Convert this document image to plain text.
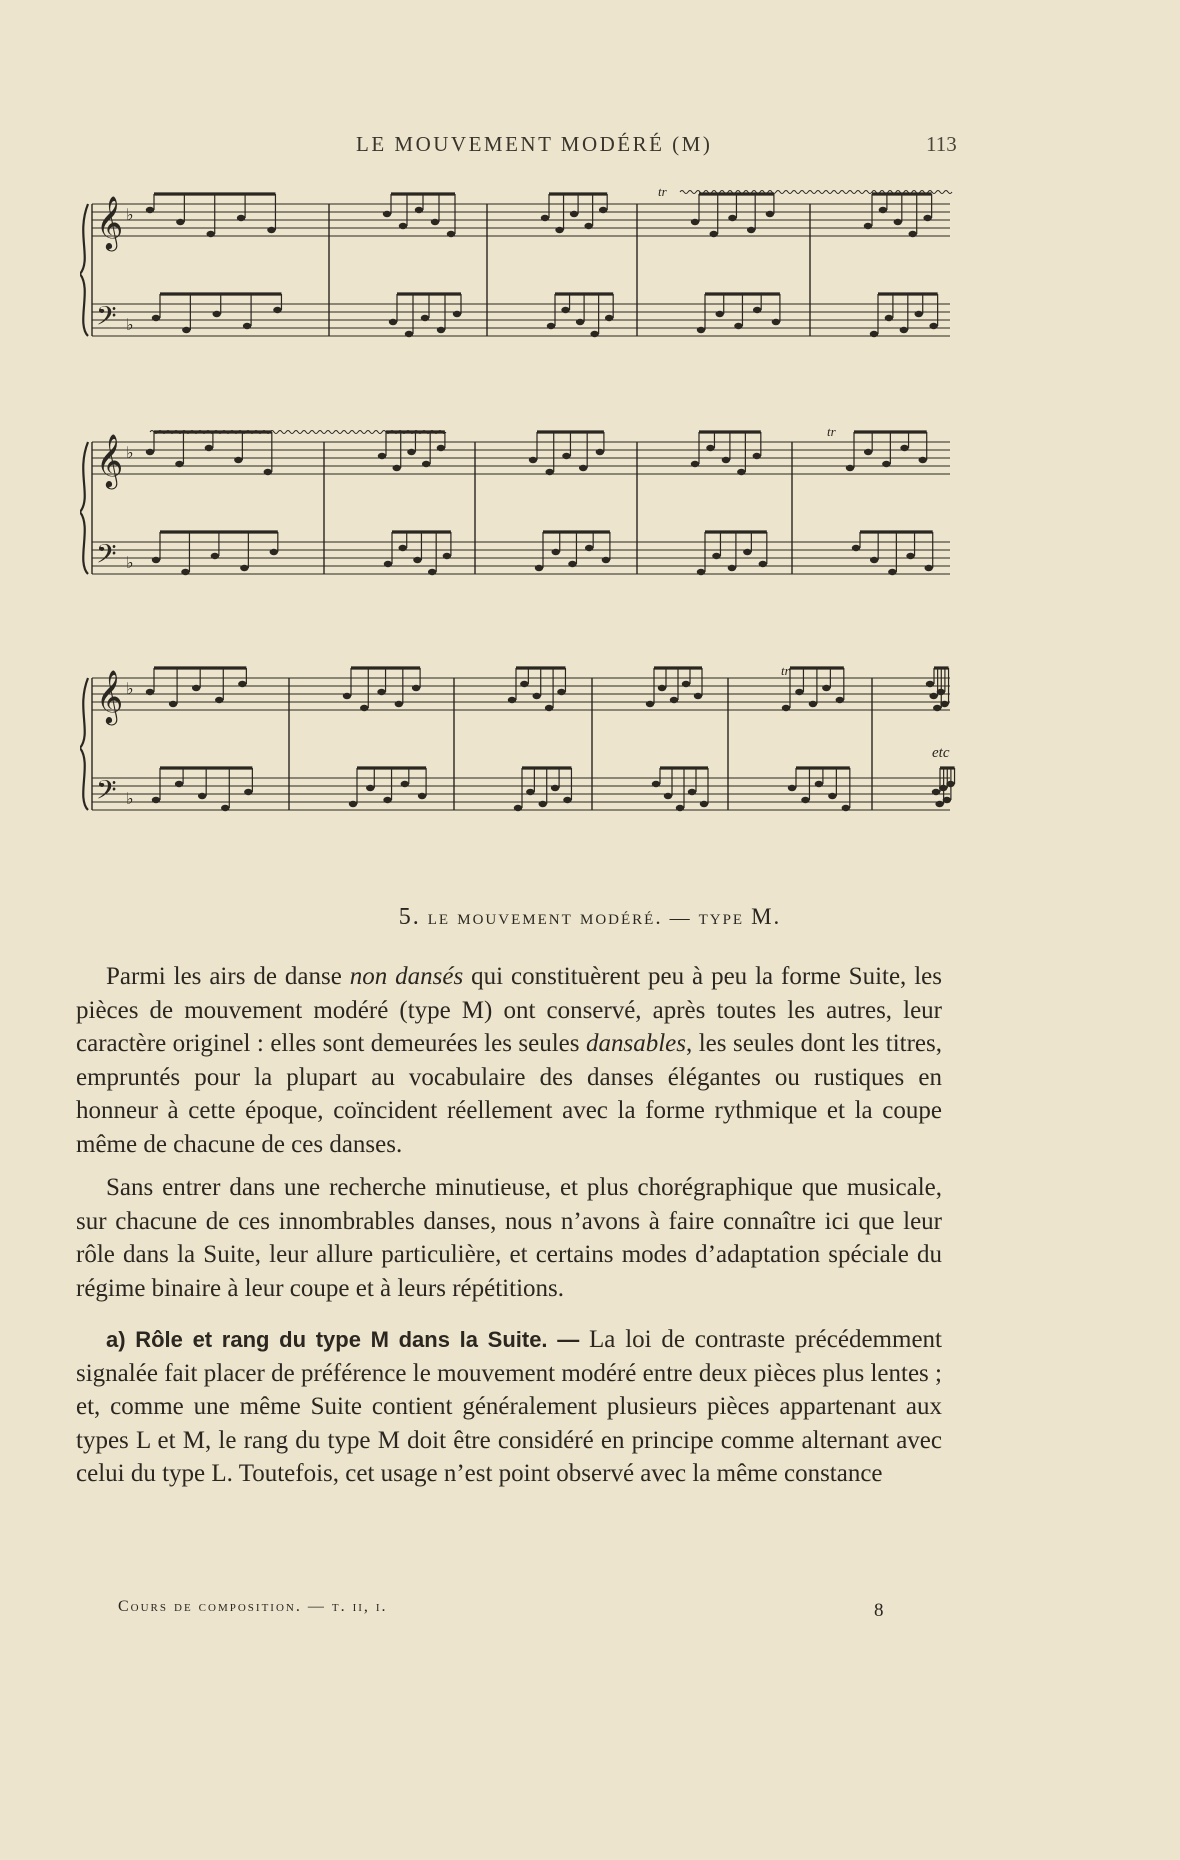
LE MOUVEMENT MODÉRÉ (M)	113
𝄞 ♭
𝄢 ♭
𝄞 ♭
𝄢 ♭
𝄞 ♭
𝄢 ♭
tr
tr
tr
etc
5. le mouvement modéré. — type M.

Parmi les airs de danse non dansés qui constituèrent peu à peu la forme Suite, les pièces de mouvement modéré (type M) ont conservé, après toutes les autres, leur caractère originel : elles sont demeurées les seules dansables, les seules dont les titres, empruntés pour la plupart au vocabulaire des danses élégantes ou rustiques en honneur à cette époque, coïncident réellement avec la forme rythmique et la coupe même de chacune de ces danses.

Sans entrer dans une recherche minutieuse, et plus chorégraphique que musicale, sur chacune de ces innombrables danses, nous n’avons à faire connaître ici que leur rôle dans la Suite, leur allure particulière, et certains modes d’adaptation spéciale du régime binaire à leur coupe et à leurs répétitions.

a) Rôle et rang du type M dans la Suite. — La loi de contraste précédemment signalée fait placer de préférence le mouvement modéré entre deux pièces plus lentes ; et, comme une même Suite contient généralement plusieurs pièces appartenant aux types L et M, le rang du type M doit être considéré en principe comme alternant avec celui du type L. Toutefois, cet usage n’est point observé avec la même constance

Cours de composition. — t. ii, i.	8
